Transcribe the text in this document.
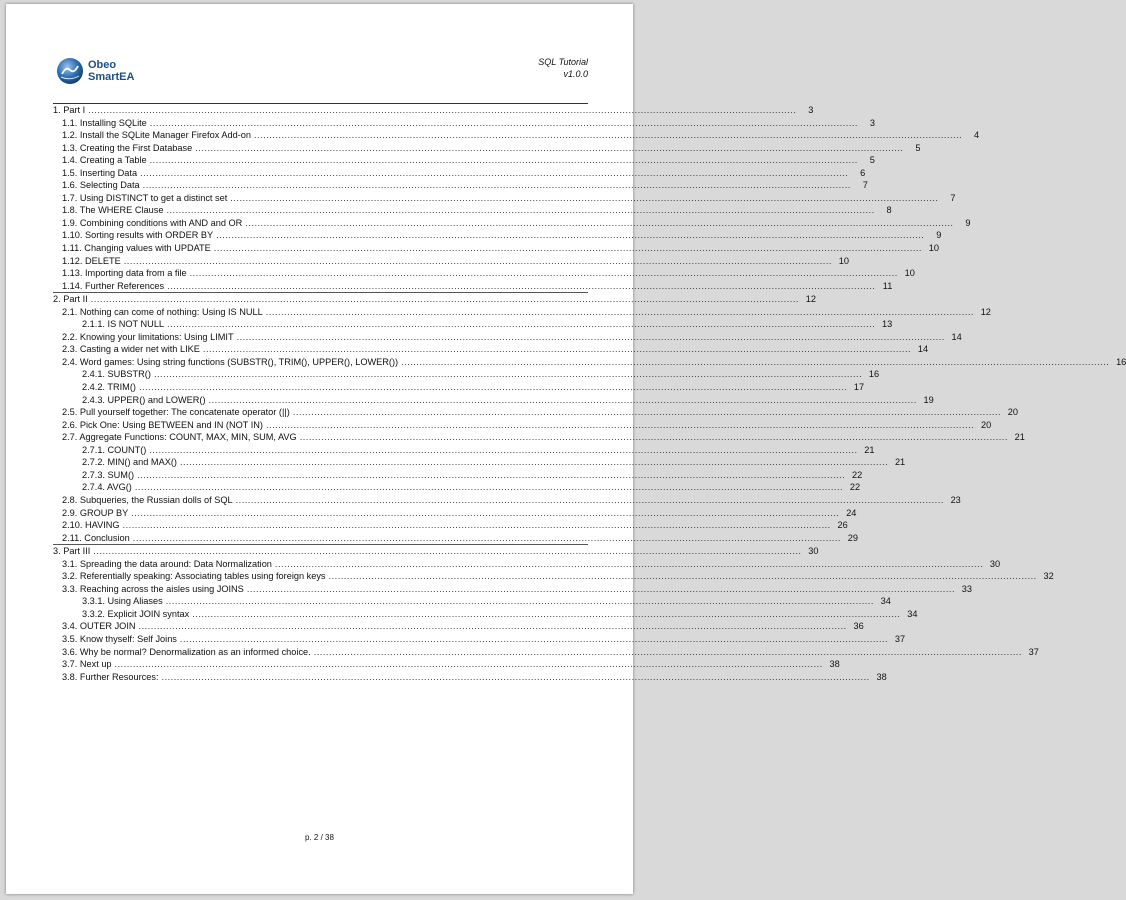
Obeo
SmartEA
SQL Tutorial
v1.0.0
1. Part I .....	3
1.1. Installing SQLite .....	3
1.2. Install the SQLite Manager Firefox Add-on .....	4
1.3. Creating the First Database .....	5
1.4. Creating a Table .....	5
1.5. Inserting Data .....	6
1.6. Selecting Data .....	7
1.7. Using DISTINCT to get a distinct set .....	7
1.8. The WHERE Clause .....	8
1.9. Combining conditions with AND and OR .....	9
1.10. Sorting results with ORDER BY .....	9
1.11. Changing values with UPDATE .....	10
1.12. DELETE .....	10
1.13. Importing data from a file .....	10
1.14. Further References .....	11
2. Part II .....	12
2.1. Nothing can come of nothing: Using IS NULL .....	12
2.1.1. IS NOT NULL .....	13
2.2. Knowing your limitations: Using LIMIT .....	14
2.3. Casting a wider net with LIKE .....	14
2.4. Word games: Using string functions (SUBSTR(), TRIM(), UPPER(), LOWER()) .....	16
2.4.1. SUBSTR() .....	16
2.4.2. TRIM() .....	17
2.4.3. UPPER() and LOWER() .....	19
2.5. Pull yourself together: The concatenate operator (||) .....	20
2.6. Pick One: Using BETWEEN and IN (NOT IN) .....	20
2.7. Aggregate Functions: COUNT, MAX, MIN, SUM, AVG .....	21
2.7.1. COUNT() .....	21
2.7.2. MIN() and MAX() .....	21
2.7.3. SUM() .....	22
2.7.4. AVG() .....	22
2.8. Subqueries, the Russian dolls of SQL .....	23
2.9. GROUP BY .....	24
2.10. HAVING .....	26
2.11. Conclusion .....	29
3. Part III .....	30
3.1. Spreading the data around: Data Normalization .....	30
3.2. Referentially speaking: Associating tables using foreign keys .....	32
3.3. Reaching across the aisles using JOINS .....	33
3.3.1. Using Aliases .....	34
3.3.2. Explicit JOIN syntax .....	34
3.4. OUTER JOIN .....	36
3.5. Know thyself: Self Joins .....	37
3.6. Why be normal? Denormalization as an informed choice. .....	37
3.7. Next up .....	38
3.8. Further Resources: .....	38
p. 2 / 38
